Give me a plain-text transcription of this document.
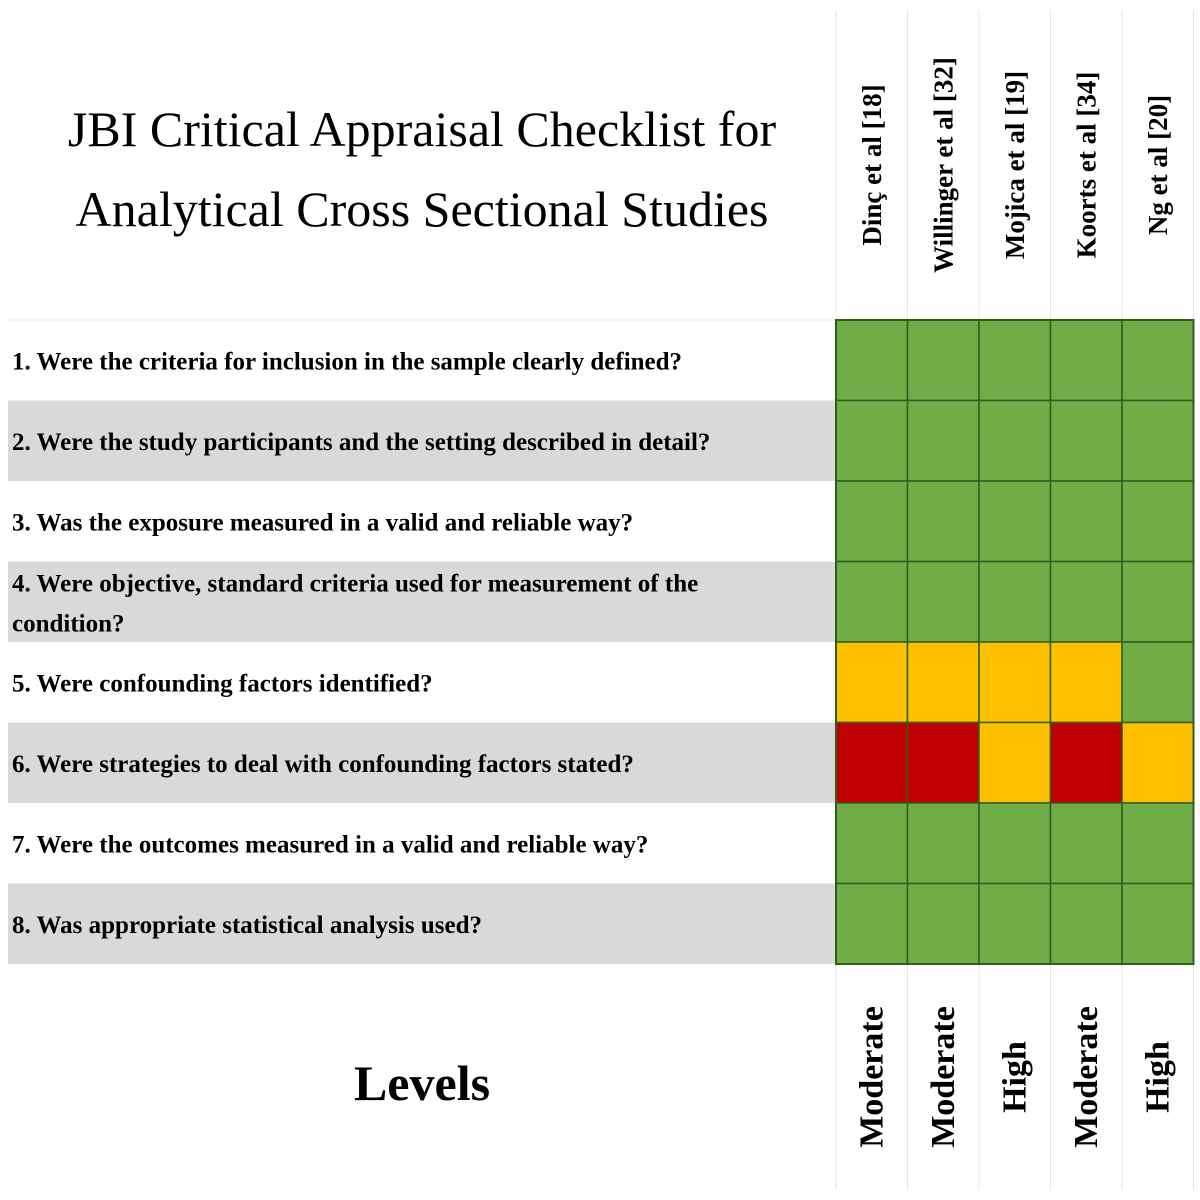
JBI Critical Appraisal Checklist for
Analytical Cross Sectional Studies	Dinç et al [18] Willinger et al [32] Mojica et al [19] Koorts et al [34] Ng et al [20]
1. Were the criteria for inclusion in the sample clearly defined?
2. Were the study participants and the setting described in detail?
3. Was the exposure measured in a valid and reliable way?
4. Were objective, standard criteria used for measurement of the condition?
5. Were confounding factors identified?
6. Were strategies to deal with confounding factors stated?
7. Were the outcomes measured in a valid and reliable way?
8. Was appropriate statistical analysis used?
Levels	Moderate Moderate High Moderate High
